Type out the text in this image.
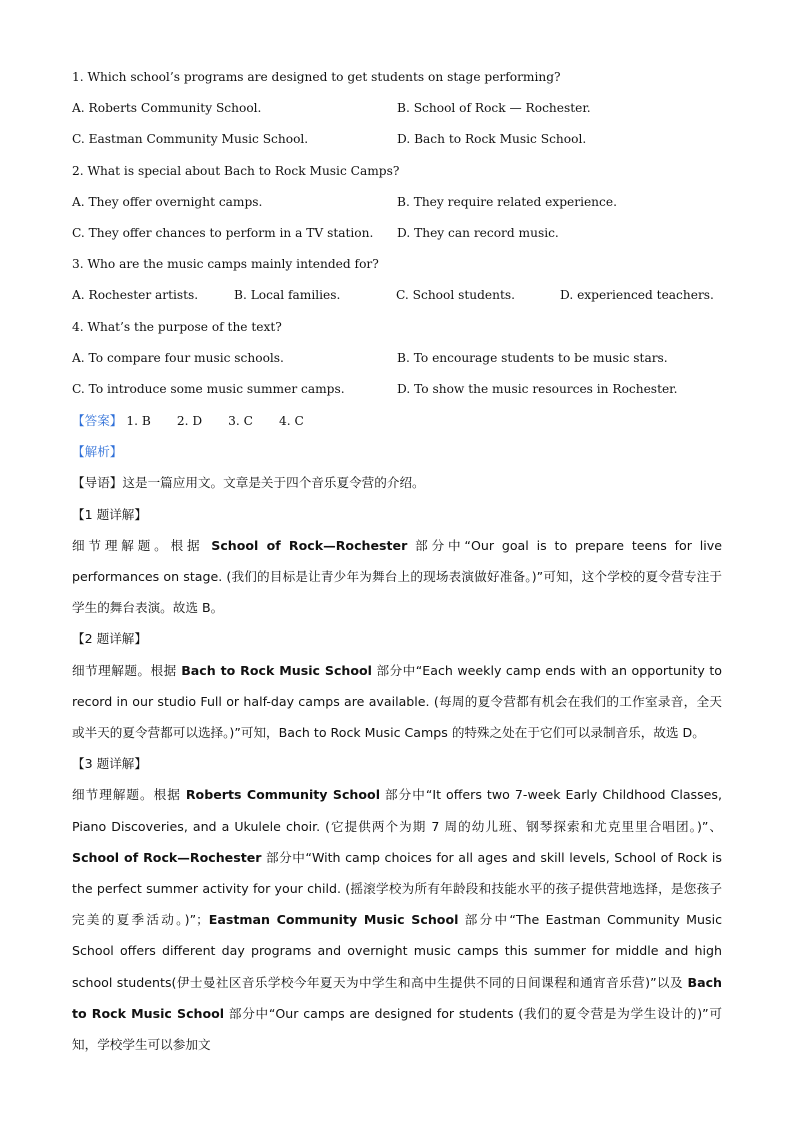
1. Which school’s programs are designed to get students on stage performing?
A. Roberts Community School.	B. School of Rock — Rochester.
C. Eastman Community Music School.	D. Bach to Rock Music School.
2. What is special about Bach to Rock Music Camps?
A. They offer overnight camps.	B. They require related experience.
C. They offer chances to perform in a TV station.	D. They can record music.
3. Who are the music camps mainly intended for?
A. Rochester artists.	B. Local families.	C. School students.	D. experienced teachers.
4. What’s the purpose of the text?
A. To compare four music schools.	B. To encourage students to be music stars.
C. To introduce some music summer camps.	D. To show the music resources in Rochester.
【答案】 1. B 2. D 3. C 4. C
【解析】
【导语】这是一篇应用文。文章是关于四个音乐夏令营的介绍。
【1 题详解】
细节理解题。根据 School of Rock—Rochester 部分中“Our goal is to prepare teens for live performances on stage. (我们的目标是让青少年为舞台上的现场表演做好准备。)”可知，这个学校的夏令营专注于学生的舞台表演。故选 B。
【2 题详解】
细节理解题。根据 Bach to Rock Music School 部分中“Each weekly camp ends with an opportunity to record in our studio Full or half-day camps are available. (每周的夏令营都有机会在我们的工作室录音，全天或半天的夏令营都可以选择。)”可知，Bach to Rock Music Camps 的特殊之处在于它们可以录制音乐，故选 D。
【3 题详解】
细节理解题。根据 Roberts Community School 部分中“It offers two 7-week Early Childhood Classes, Piano Discoveries, and a Ukulele choir. (它提供两个为期 7 周的幼儿班、钢琴探索和尤克里里合唱团。)”、School of Rock—Rochester 部分中“With camp choices for all ages and skill levels, School of Rock is the perfect summer activity for your child. (摇滚学校为所有年龄段和技能水平的孩子提供营地选择，是您孩子完美的夏季活动。)”；Eastman Community Music School 部分中“The Eastman Community Music School offers different day programs and overnight music camps this summer for middle and high school students(伊士曼社区音乐学校今年夏天为中学生和高中生提供不同的日间课程和通宵音乐营)”以及 Bach to Rock Music School 部分中“Our camps are designed for students (我们的夏令营是为学生设计的)”可知，学校学生可以参加文
